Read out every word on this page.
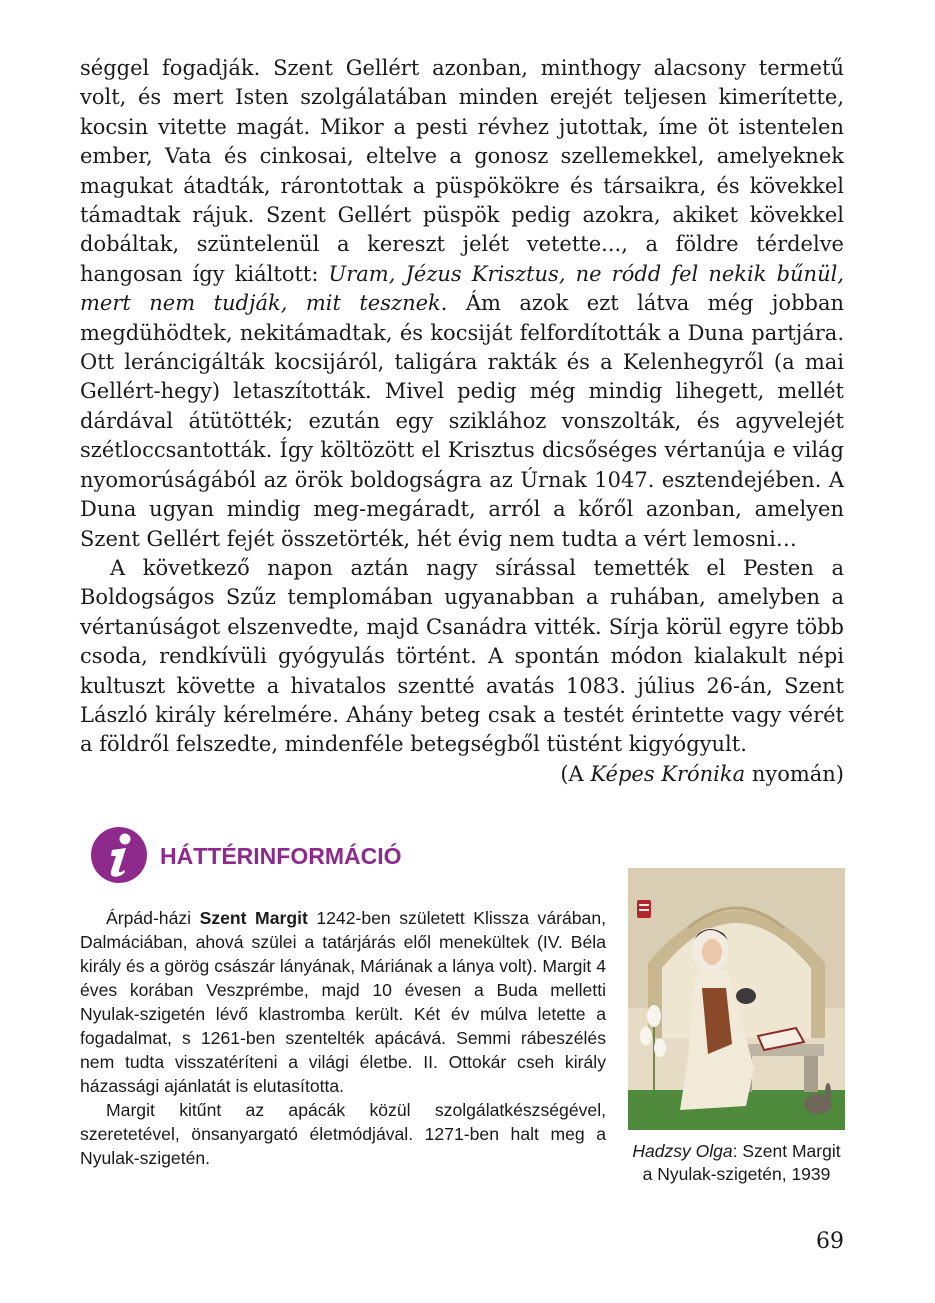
séggel fogadják. Szent Gellért azonban, minthogy alacsony termetű volt, és mert Isten szolgálatában minden erejét teljesen kimerítette, kocsin vitette magát. Mikor a pesti révhez jutottak, íme öt istentelen ember, Vata és cinkosai, eltelve a gonosz szellemekkel, amelyeknek magukat átadták, rárontottak a püspökökre és társaikra, és kövekkel támadtak rájuk. Szent Gellért püspök pedig azokra, akiket kövekkel dobáltak, szüntelenül a kereszt jelét vetette..., a földre térdelve hangosan így kiáltott: Uram, Jézus Krisztus, ne ródd fel nekik bűnül, mert nem tudják, mit tesznek. Ám azok ezt látva még jobban megdühödtek, nekitámadtak, és kocsiját felfordították a Duna partjára. Ott leráncigálták kocsijáról, taligára rakták és a Kelenhegyről (a mai Gellért-hegy) letaszították. Mivel pedig még mindig lihegett, mellét dárdával átütötték; ezután egy sziklához vonszolták, és agyvelejét szétloccsantották. Így költözött el Krisztus dicsőséges vértanúja e világ nyomorúságából az örök boldogságra az Úrnak 1047. esztendejében. A Duna ugyan mindig meg-megáradt, arról a kőről azonban, amelyen Szent Gellért fejét összetörték, hét évig nem tudta a vért lemosni…

A következő napon aztán nagy sírással temették el Pesten a Boldogságos Szűz templomában ugyanabban a ruhában, amelyben a vértanúságot elszenvedte, majd Csanádra vitték. Sírja körül egyre több csoda, rendkívüli gyógyulás történt. A spontán módon kialakult népi kultuszt követte a hivatalos szentté avatás 1083. július 26-án, Szent László király kérelmére. Ahány beteg csak a testét érintette vagy vérét a földről felszedte, mindenféle betegségből tüstént kigyógyult.

(A Képes Krónika nyomán)
HÁTTÉRINFORMÁCIÓ

Árpád-házi Szent Margit 1242-ben született Klissza várában, Dalmáciában, ahová szülei a tatárjárás elől menekültek (IV. Béla király és a görög császár lányának, Máriának a lánya volt). Margit 4 éves korában Veszprémbe, majd 10 évesen a Buda melletti Nyulak-szigetén lévő klastromba került. Két év múlva letette a fogadalmat, s 1261-ben szentelték apácává. Semmi rábeszélés nem tudta visszatéríteni a világi életbe. II. Ottokár cseh király házassági ajánlatát is elutasította.

Margit kitűnt az apácák közül szolgálatkészségével, szeretetével, önsanyargató életmódjával. 1271-ben halt meg a Nyulak-szigetén.	Hadzsy Olga: Szent Margit a Nyulak-szigetén, 1939
69
